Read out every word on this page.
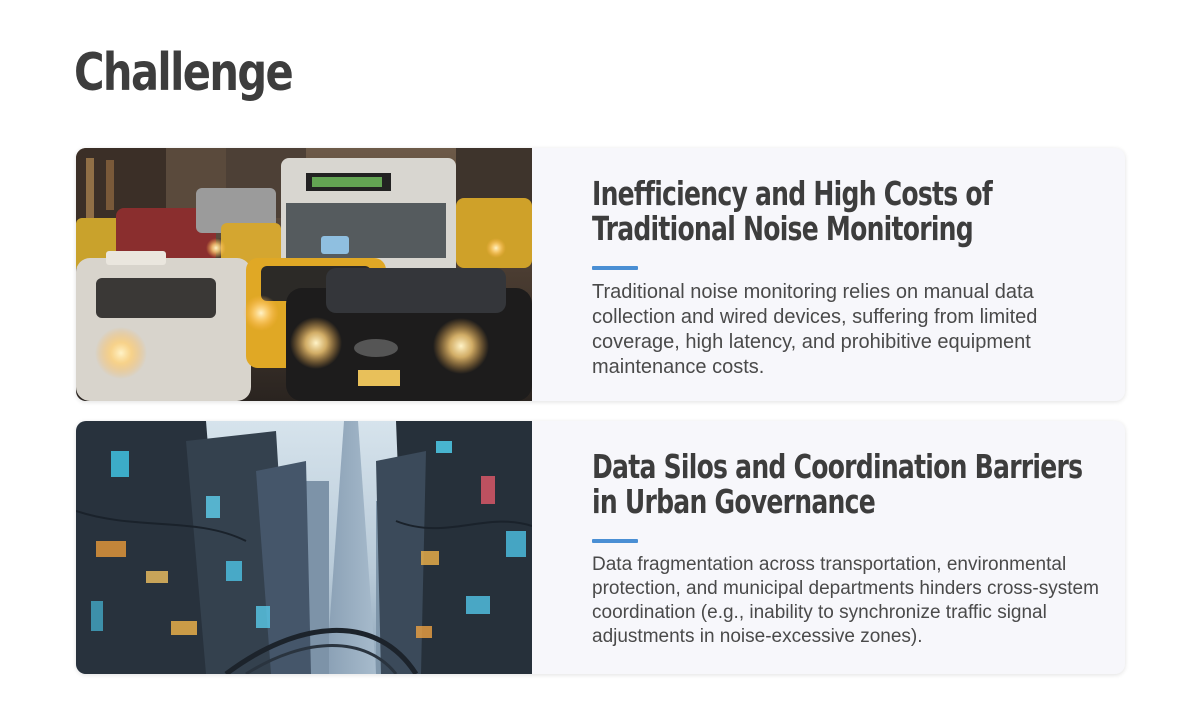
Challenge
Inefficiency and High Costs of Traditional Noise Monitoring

Traditional noise monitoring relies on manual data collection and wired devices, suffering from limited coverage, high latency, and prohibitive equipment maintenance costs.

Data Silos and Coordination Barriers in Urban Governance

Data fragmentation across transportation, environmental protection, and municipal departments hinders cross-system coordination (e.g., inability to synchronize traffic signal adjustments in noise-excessive zones).
